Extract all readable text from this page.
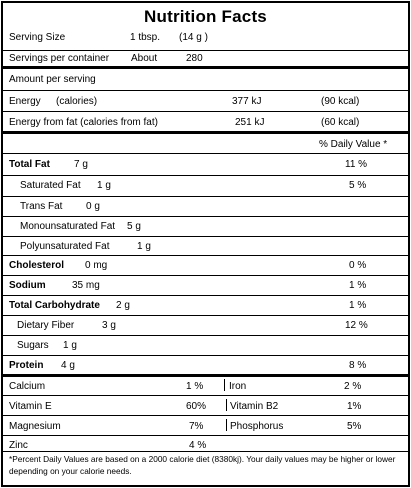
Nutrition Facts
Serving Size	1 tbsp. (14 g )
Servings per container About	280
Amount per serving
Energy (calories)	377 kJ	(90 kcal)
Energy from fat (calories from fat)	251 kJ	(60 kcal)
% Daily Value *
Total Fat 7 g	11 %
Saturated Fat 1 g	5 %
Trans Fat 0 g
Monounsaturated Fat 5 g
Polyunsaturated Fat	1 g
Cholesterol 0 mg	0 %
Sodium	35 mg	1 %
Total Carbohydrate 2 g	1 %
Dietary Fiber	3 g	12 %
Sugars 1 g
Protein 4 g	8 %
Calcium	1 %	Iron	2 %
Vitamin E	60% Vitamin B2	1%
Magnesium	7%	Phosphorus	5%
Zinc	4 %
*Percent Daily Values are based on a 2000 calorie diet (8380kj). Your daily values may be higher or lower depending on your calorie needs.
